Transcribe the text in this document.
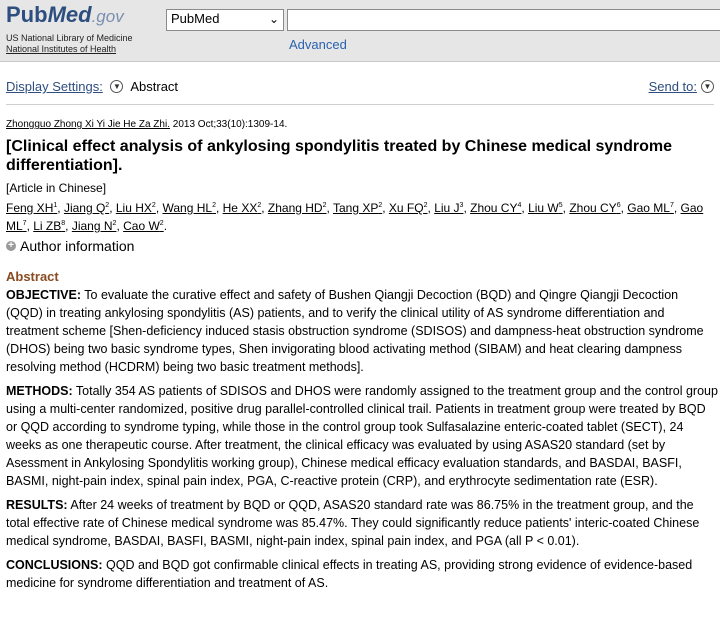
PubMed.gov
US National Library of Medicine
National Institutes of Health
PubMed	⌄
Advanced
Display Settings: ▼ Abstract	Send to: ▼
Zhongguo Zhong Xi Yi Jie He Za Zhi. 2013 Oct;33(10):1309-14.
[Clinical effect analysis of ankylosing spondylitis treated by Chinese medical syndrome differentiation].
[Article in Chinese]
Feng $XH^1$, Jiang $Q^2$, Liu $HX^2$, Wang $HL^2$, He $XX^2$, Zhang $HD^2$, Tang $XP^2$, Xu $FQ^2$, Liu $J^3$, Zhou $CY^4$, Liu $W^5$, Zhou $CY^6$, Gao $ML^7$, Gao $ML^7$, Li $ZB^8$, Jiang $N^2$, Cao $W^2$.
+ Author information
Abstract

OBJECTIVE: To evaluate the curative effect and safety of Bushen Qiangji Decoction (BQD) and Qingre Qiangji Decoction (QQD) in treating ankylosing spondylitis (AS) patients, and to verify the clinical utility of AS syndrome differentiation and treatment scheme [Shen-deficiency induced stasis obstruction syndrome (SDISOS) and dampness-heat obstruction syndrome (DHOS) being two basic syndrome types, Shen invigorating blood activating method (SIBAM) and heat clearing dampness resolving method (HCDRM) being two basic treatment methods].

METHODS: Totally 354 AS patients of SDISOS and DHOS were randomly assigned to the treatment group and the control group using a multi-center randomized, positive drug parallel-controlled clinical trail. Patients in treatment group were treated by BQD or QQD according to syndrome typing, while those in the control group took Sulfasalazine enteric-coated tablet (SECT), 24 weeks as one therapeutic course. After treatment, the clinical efficacy was evaluated by using ASAS20 standard (set by Asessment in Ankylosing Spondylitis working group), Chinese medical efficacy evaluation standards, and BASDAI, BASFI, BASMI, night-pain index, spinal pain index, PGA, C-reactive protein (CRP), and erythrocyte sedimentation rate (ESR).

RESULTS: After 24 weeks of treatment by BQD or QQD, ASAS20 standard rate was 86.75% in the treatment group, and the total effective rate of Chinese medical syndrome was 85.47%. They could significantly reduce patients' interic-coated Chinese medical syndrome, BASDAI, BASFI, BASMI, night-pain index, spinal pain index, and PGA (all P < 0.01).

CONCLUSIONS: QQD and BQD got confirmable clinical effects in treating AS, providing strong evidence of evidence-based medicine for syndrome differentiation and treatment of AS.
